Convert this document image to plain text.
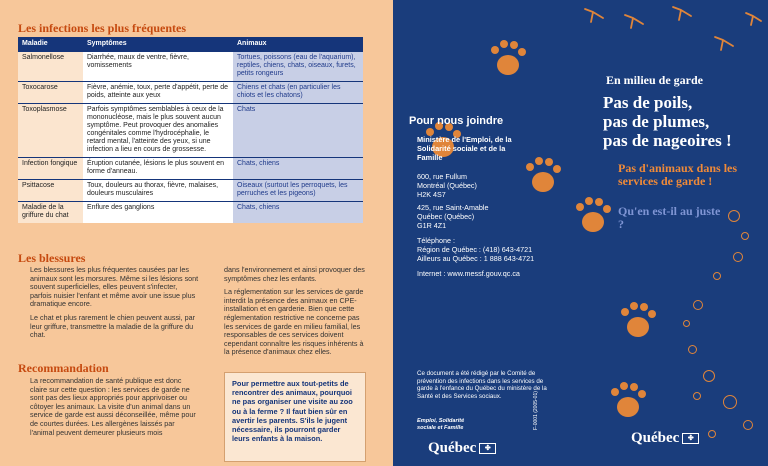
Les infections les plus fréquentes
Maladie	Symptômes	Animaux
Salmonellose	Diarrhée, maux de ventre, fièvre, vomissements	Tortues, poissons (eau de l'aquarium), reptiles, chiens, chats, oiseaux, furets, petits rongeurs
Toxocarose	Fièvre, anémie, toux, perte d'appétit, perte de poids, atteinte aux yeux	Chiens et chats (en particulier les chiots et les chatons)
Toxoplasmose	Parfois symptômes semblables à ceux de la mononucléose, mais le plus souvent aucun symptôme. Peut provoquer des anomalies congénitales comme l'hydrocéphalie, le retard mental, l'atteinte des yeux, si une infection a lieu en cours de grossesse.	Chats
Infection fongique	Éruption cutanée, lésions le plus souvent en forme d'anneau.	Chats, chiens
Psittacose	Toux, douleurs au thorax, fièvre, malaises, douleurs musculaires	Oiseaux (surtout les perroquets, les perruches et les pigeons)
Maladie de la griffure du chat	Enflure des ganglions	Chats, chiens
Les blessures

Les blessures les plus fréquentes causées par les animaux sont les morsures. Même si les lésions sont souvent superficielles, elles peuvent s'infecter, parfois nuisier l'enfant et même avoir une issue plus dramatique encore.

Le chat et plus rarement le chien peuvent aussi, par leur griffure, transmettre la maladie de la griffure du chat.

dans l'environnement et ainsi provoquer des symptômes chez les enfants.

La réglementation sur les services de garde interdit la présence des animaux en CPE-installation et en garderie. Bien que cette réglementation restrictive ne concerne pas les services de garde en milieu familial, les responsables de ces services doivent cependant connaître les risques inhérents à la présence d'animaux chez elles.

Recommandation

La recommandation de santé publique est donc claire sur cette question : les services de garde ne sont pas des lieux appropriés pour apprivoiser ou côtoyer les animaux. La visite d'un animal dans un service de garde est aussi déconseillée, même pour de courtes durées. Les allergènes laissés par l'animal peuvent demeurer plusieurs mois

Pour permettre aux tout-petits de rencontrer des animaux, pourquoi ne pas organiser une visite au zoo ou à la ferme ? Il faut bien sûr en avertir les parents. S'ils le jugent nécessaire, ils pourront garder leurs enfants à la maison.
Pour nous joindre
Ministère de l'Emploi, de la Solidarité sociale et de la Famille
600, rue Fullum
Montréal (Québec)
H2K 4S7
425, rue Saint-Amable
Québec (Québec)
G1R 4Z1
Téléphone :
Région de Québec : (418) 643-4721
Ailleurs au Québec : 1 888 643-4721
Internet : www.messf.gouv.qc.ca
Ce document a été rédigé par le Comité de prévention des infections dans les services de garde à l'enfance du Québec du ministère de la Santé et des Services sociaux.
Emploi, Solidarité sociale et Famille
Québec ✤
F-0001 (2005-01)
En milieu de garde
Pas de poils,
pas de plumes,
pas de nageoires !
Pas d'animaux dans les services de garde !
Qu'en est-il au juste ?
Québec ✤
